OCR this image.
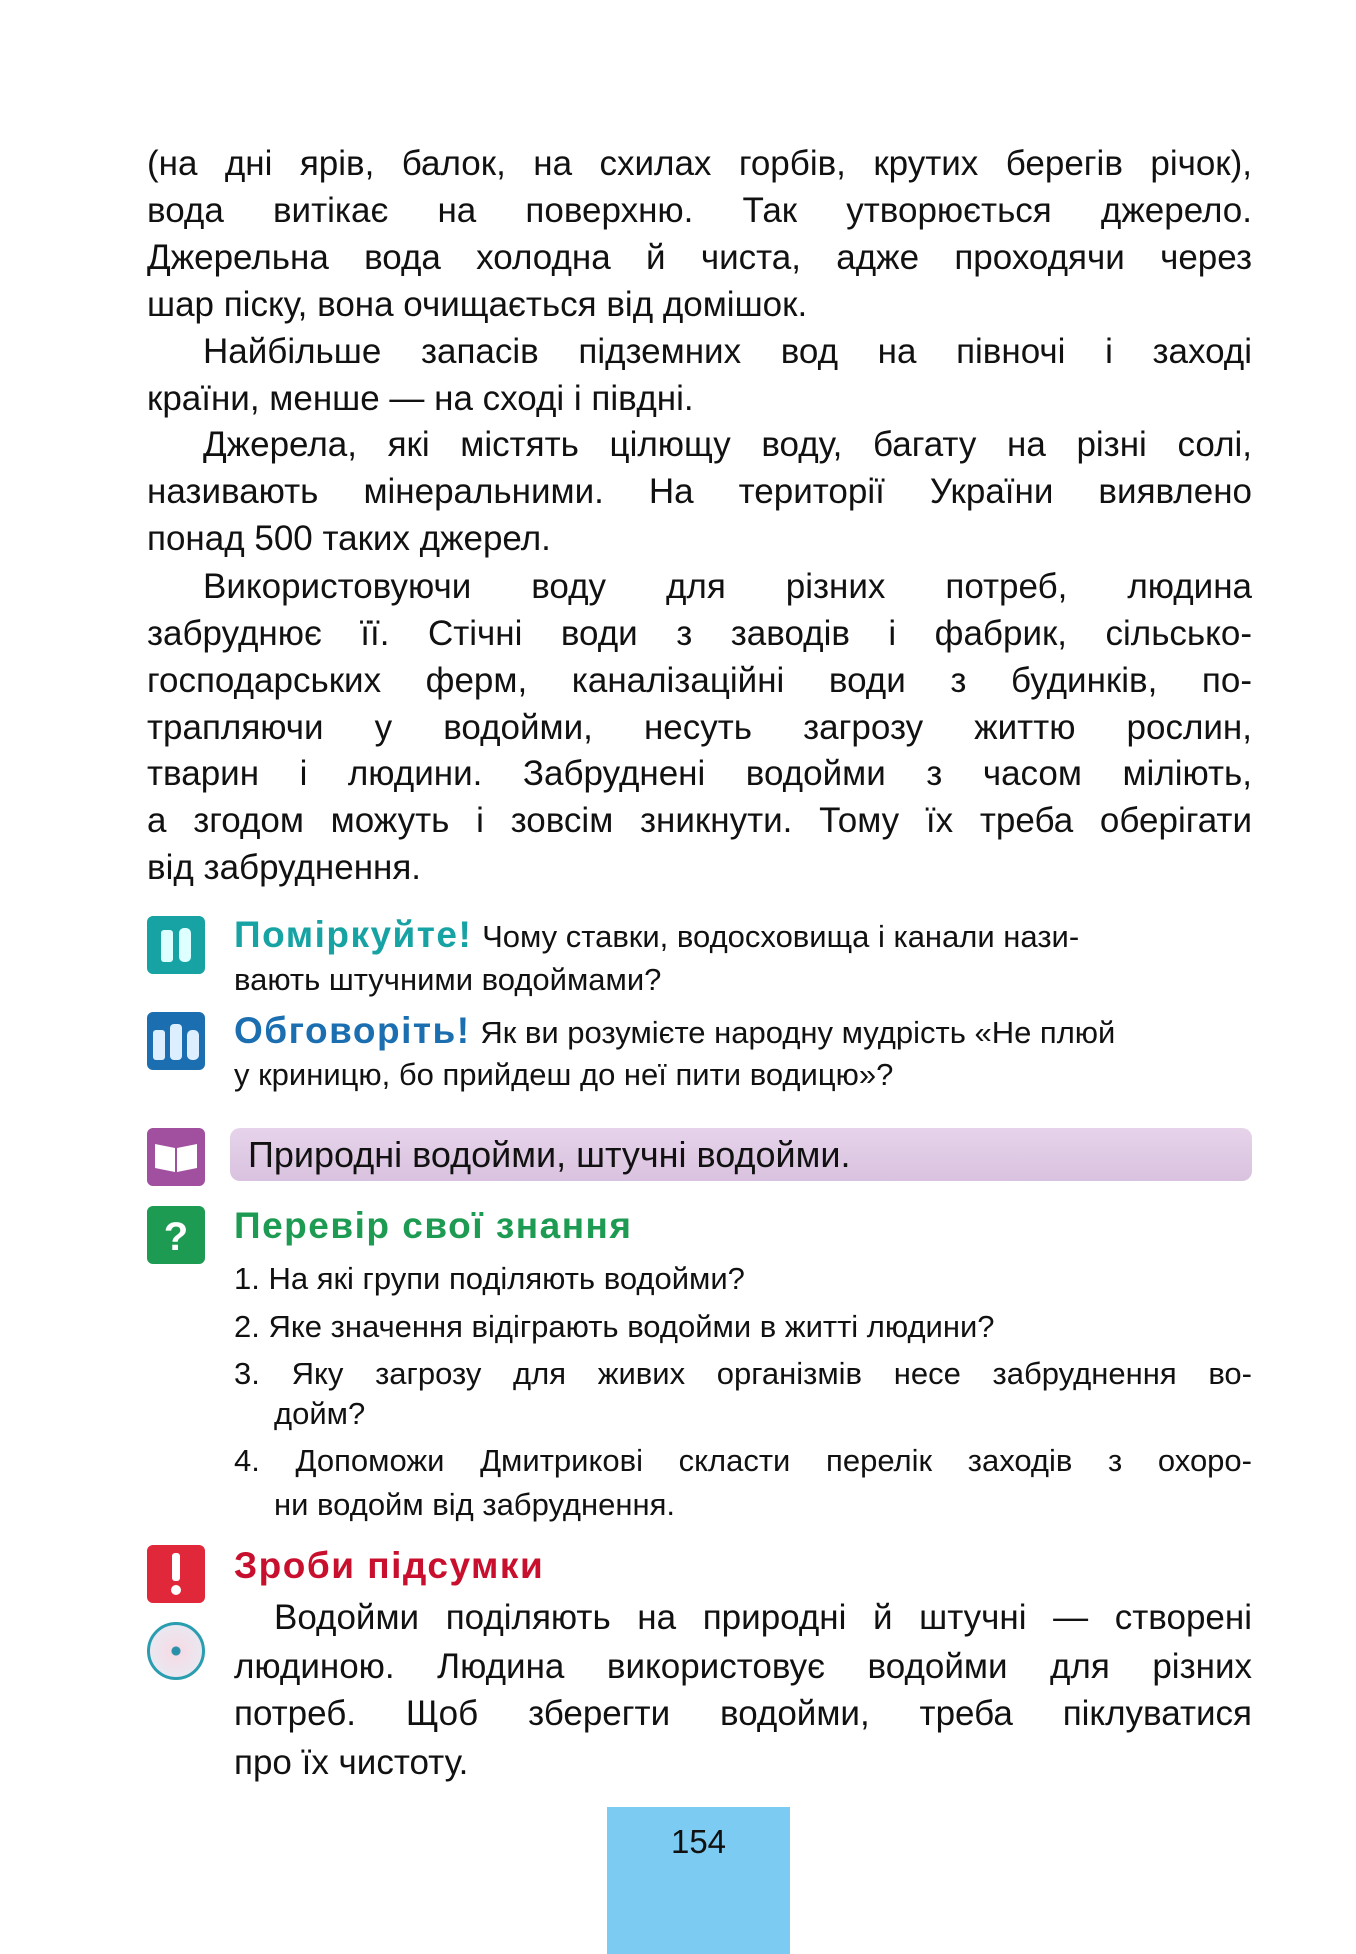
(на дні ярів, балок, на схилах горбів, крутих берегів річок),
вода витікає на поверхню. Так утворюється джерело.
Джерельна вода холодна й чиста, адже проходячи через
шар піску, вона очищається від домішок.
Найбільше запасів підземних вод на півночі і заході
країни, менше — на сході і півдні.
Джерела, які містять цілющу воду, багату на різні солі,
називають мінеральними. На території України виявлено
понад 500 таких джерел.
Використовуючи воду для різних потреб, людина
забруднює її. Стічні води з заводів і фабрик, сільсько-
господарських ферм, каналізаційні води з будинків, по-
трапляючи у водойми, несуть загрозу життю рослин,
тварин і людини. Забруднені водойми з часом міліють,
а згодом можуть і зовсім зникнути. Тому їх треба оберігати
від забруднення.
Поміркуйте! Чому ставки, водосховища і канали нази-
вають штучними водоймами?
Обговоріть! Як ви розумієте народну мудрість «Не плюй
у криницю, бо прийдеш до неї пити водицю»?
Природні водойми, штучні водойми.
? Перевір свої знання
1. На які групи поділяють водойми?
2. Яке значення відіграють водойми в житті людини?
3. Яку загрозу для живих організмів несе забруднення во-
дойм?
4. Допоможи Дмитрикові скласти перелік заходів з охоро-
ни водойм від забруднення.
Зроби підсумки
Водойми поділяють на природні й штучні — створені
людиною. Людина використовує водойми для різних
потреб. Щоб зберегти водойми, треба піклуватися
про їх чистоту.
154
